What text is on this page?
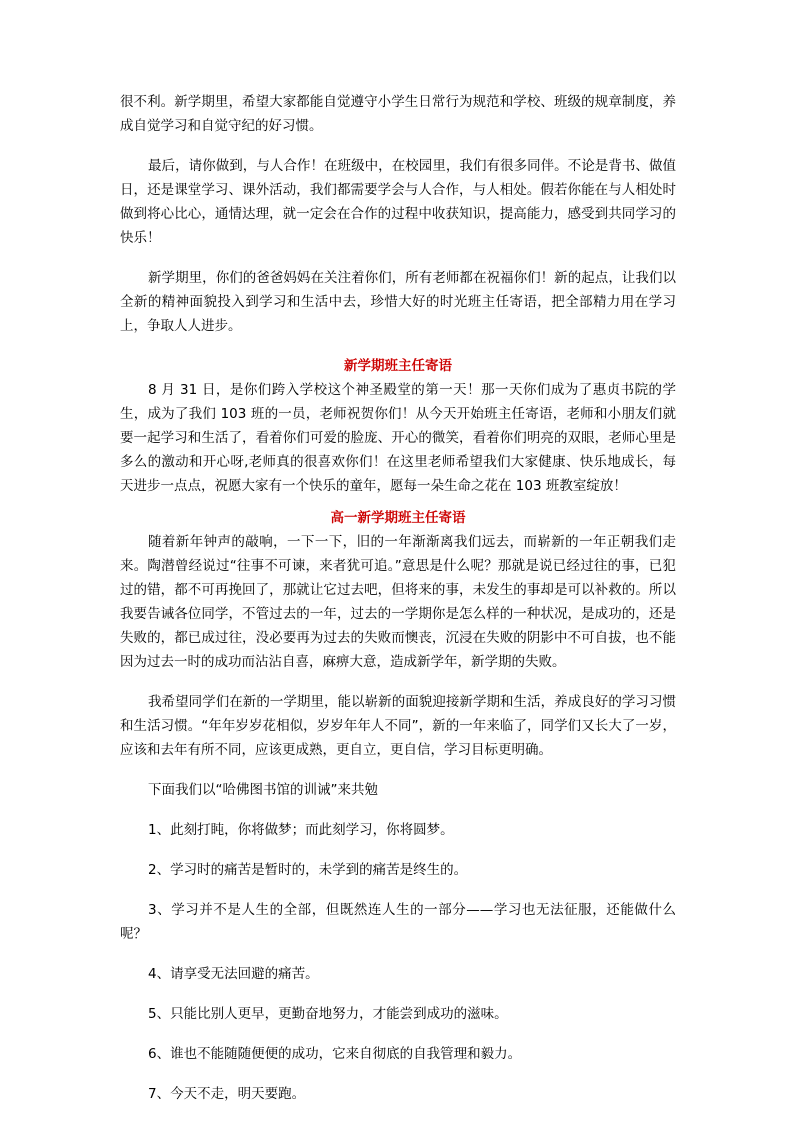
很不利。新学期里，希望大家都能自觉遵守小学生日常行为规范和学校、班级的规章制度，养成自觉学习和自觉守纪的好习惯。

最后，请你做到，与人合作！在班级中，在校园里，我们有很多同伴。不论是背书、做值日，还是课堂学习、课外活动，我们都需要学会与人合作，与人相处。假若你能在与人相处时做到将心比心，通情达理，就一定会在合作的过程中收获知识，提高能力，感受到共同学习的快乐！

新学期里，你们的爸爸妈妈在关注着你们，所有老师都在祝福你们！新的起点，让我们以全新的精神面貌投入到学习和生活中去，珍惜大好的时光班主任寄语，把全部精力用在学习上，争取人人进步。

新学期班主任寄语

8 月 31 日，是你们跨入学校这个神圣殿堂的第一天！那一天你们成为了惠贞书院的学生，成为了我们 103 班的一员，老师祝贺你们！从今天开始班主任寄语，老师和小朋友们就要一起学习和生活了，看着你们可爱的脸庞、开心的微笑，看着你们明亮的双眼，老师心里是多么的激动和开心呀,老师真的很喜欢你们！在这里老师希望我们大家健康、快乐地成长，每天进步一点点，祝愿大家有一个快乐的童年，愿每一朵生命之花在 103 班教室绽放！

高一新学期班主任寄语

随着新年钟声的敲响，一下一下，旧的一年渐渐离我们远去，而崭新的一年正朝我们走来。陶潜曾经说过“往事不可谏，来者犹可追。”意思是什么呢？那就是说已经过往的事，已犯过的错，都不可再挽回了，那就让它过去吧，但将来的事，未发生的事却是可以补救的。所以我要告诫各位同学，不管过去的一年，过去的一学期你是怎么样的一种状况，是成功的，还是失败的，都已成过往，没必要再为过去的失败而懊丧，沉浸在失败的阴影中不可自拔，也不能因为过去一时的成功而沾沾自喜，麻痹大意，造成新学年，新学期的失败。

我希望同学们在新的一学期里，能以崭新的面貌迎接新学期和生活，养成良好的学习习惯和生活习惯。“年年岁岁花相似，岁岁年年人不同”，新的一年来临了，同学们又长大了一岁，应该和去年有所不同，应该更成熟，更自立，更自信，学习目标更明确。

下面我们以“哈佛图书馆的训诫”来共勉

1、此刻打盹，你将做梦；而此刻学习，你将圆梦。

2、学习时的痛苦是暂时的，未学到的痛苦是终生的。

3、学习并不是人生的全部，但既然连人生的一部分——学习也无法征服，还能做什么呢？

4、请享受无法回避的痛苦。

5、只能比别人更早，更勤奋地努力，才能尝到成功的滋味。

6、谁也不能随随便便的成功，它来自彻底的自我管理和毅力。

7、今天不走，明天要跑。
